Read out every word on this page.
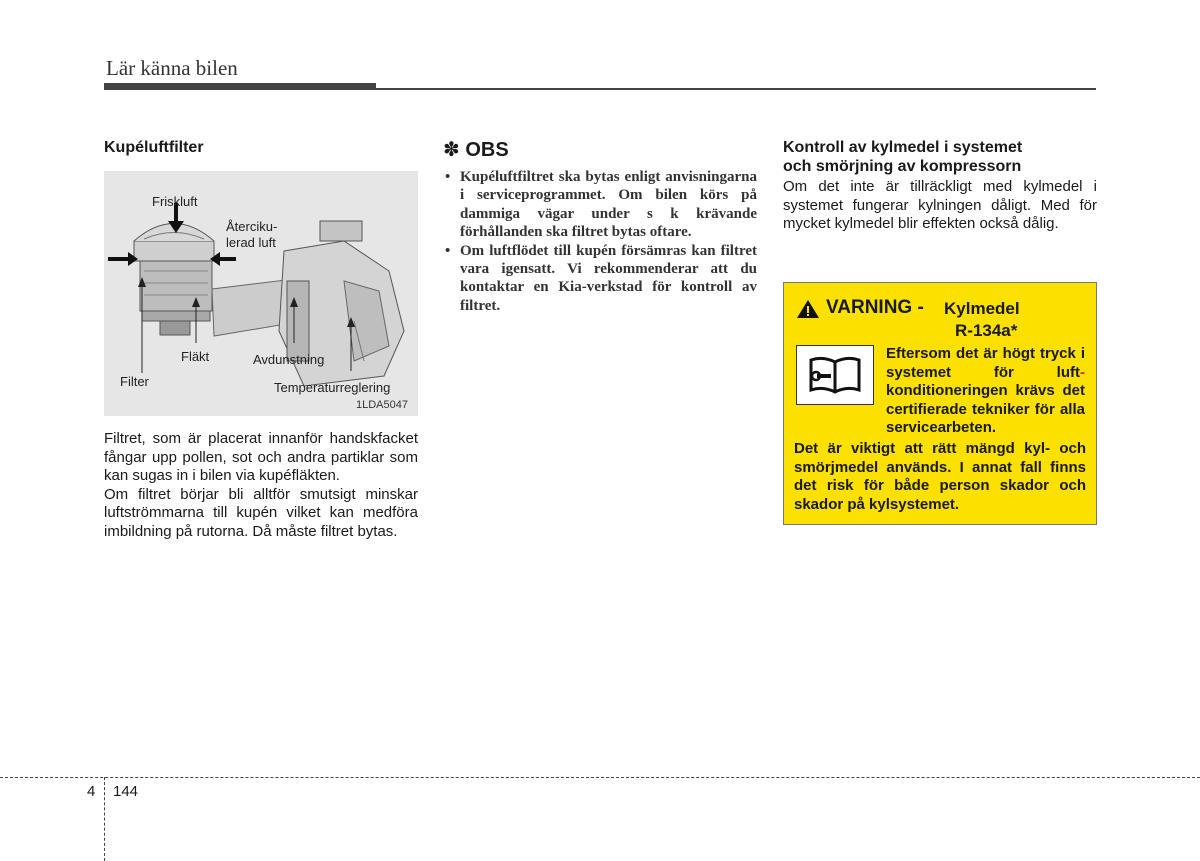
Lär känna bilen

Kupéluftfilter

Friskluft
Återciku-
lerad luft
Fläkt
Filter
Avdunstning
Temperaturreglering
1LDA5047

Filtret, som är placerat innanför handskfacket fångar upp pollen, sot och andra partiklar som kan sugas in i bilen via kupéfläkten.

Om filtret börjar bli alltför smutsigt minskar luftströmmarna till kupén vilket kan medföra imbildning på rutorna. Då måste filtret bytas.

✽ OBS

• Kupéluftfiltret ska bytas enligt anvisningarna i serviceprogrammet. Om bilen körs på dammiga vägar under s k krävande förhållanden ska filtret bytas oftare.
• Om luftflödet till kupén försämras kan filtret vara igensatt. Vi rekommenderar att du kontaktar en Kia-verkstad för kontroll av filtret.

Kontroll av kylmedel i systemet

och smörjning av kompressorn

Om det inte är tillräckligt med kylmedel i systemet fungerar kylningen dåligt. Med för mycket kylmedel blir effekten också dålig.

VARNING - Kylmedel
R-134a*
Eftersom det är högt tryck i systemet för luft- konditioneringen krävs det certifierade tekniker för alla servicearbeten.
Det är viktigt att rätt mängd kyl- och smörjmedel används. I annat fall finns det risk för både person skador och skador på kylsystemet.
4 144
